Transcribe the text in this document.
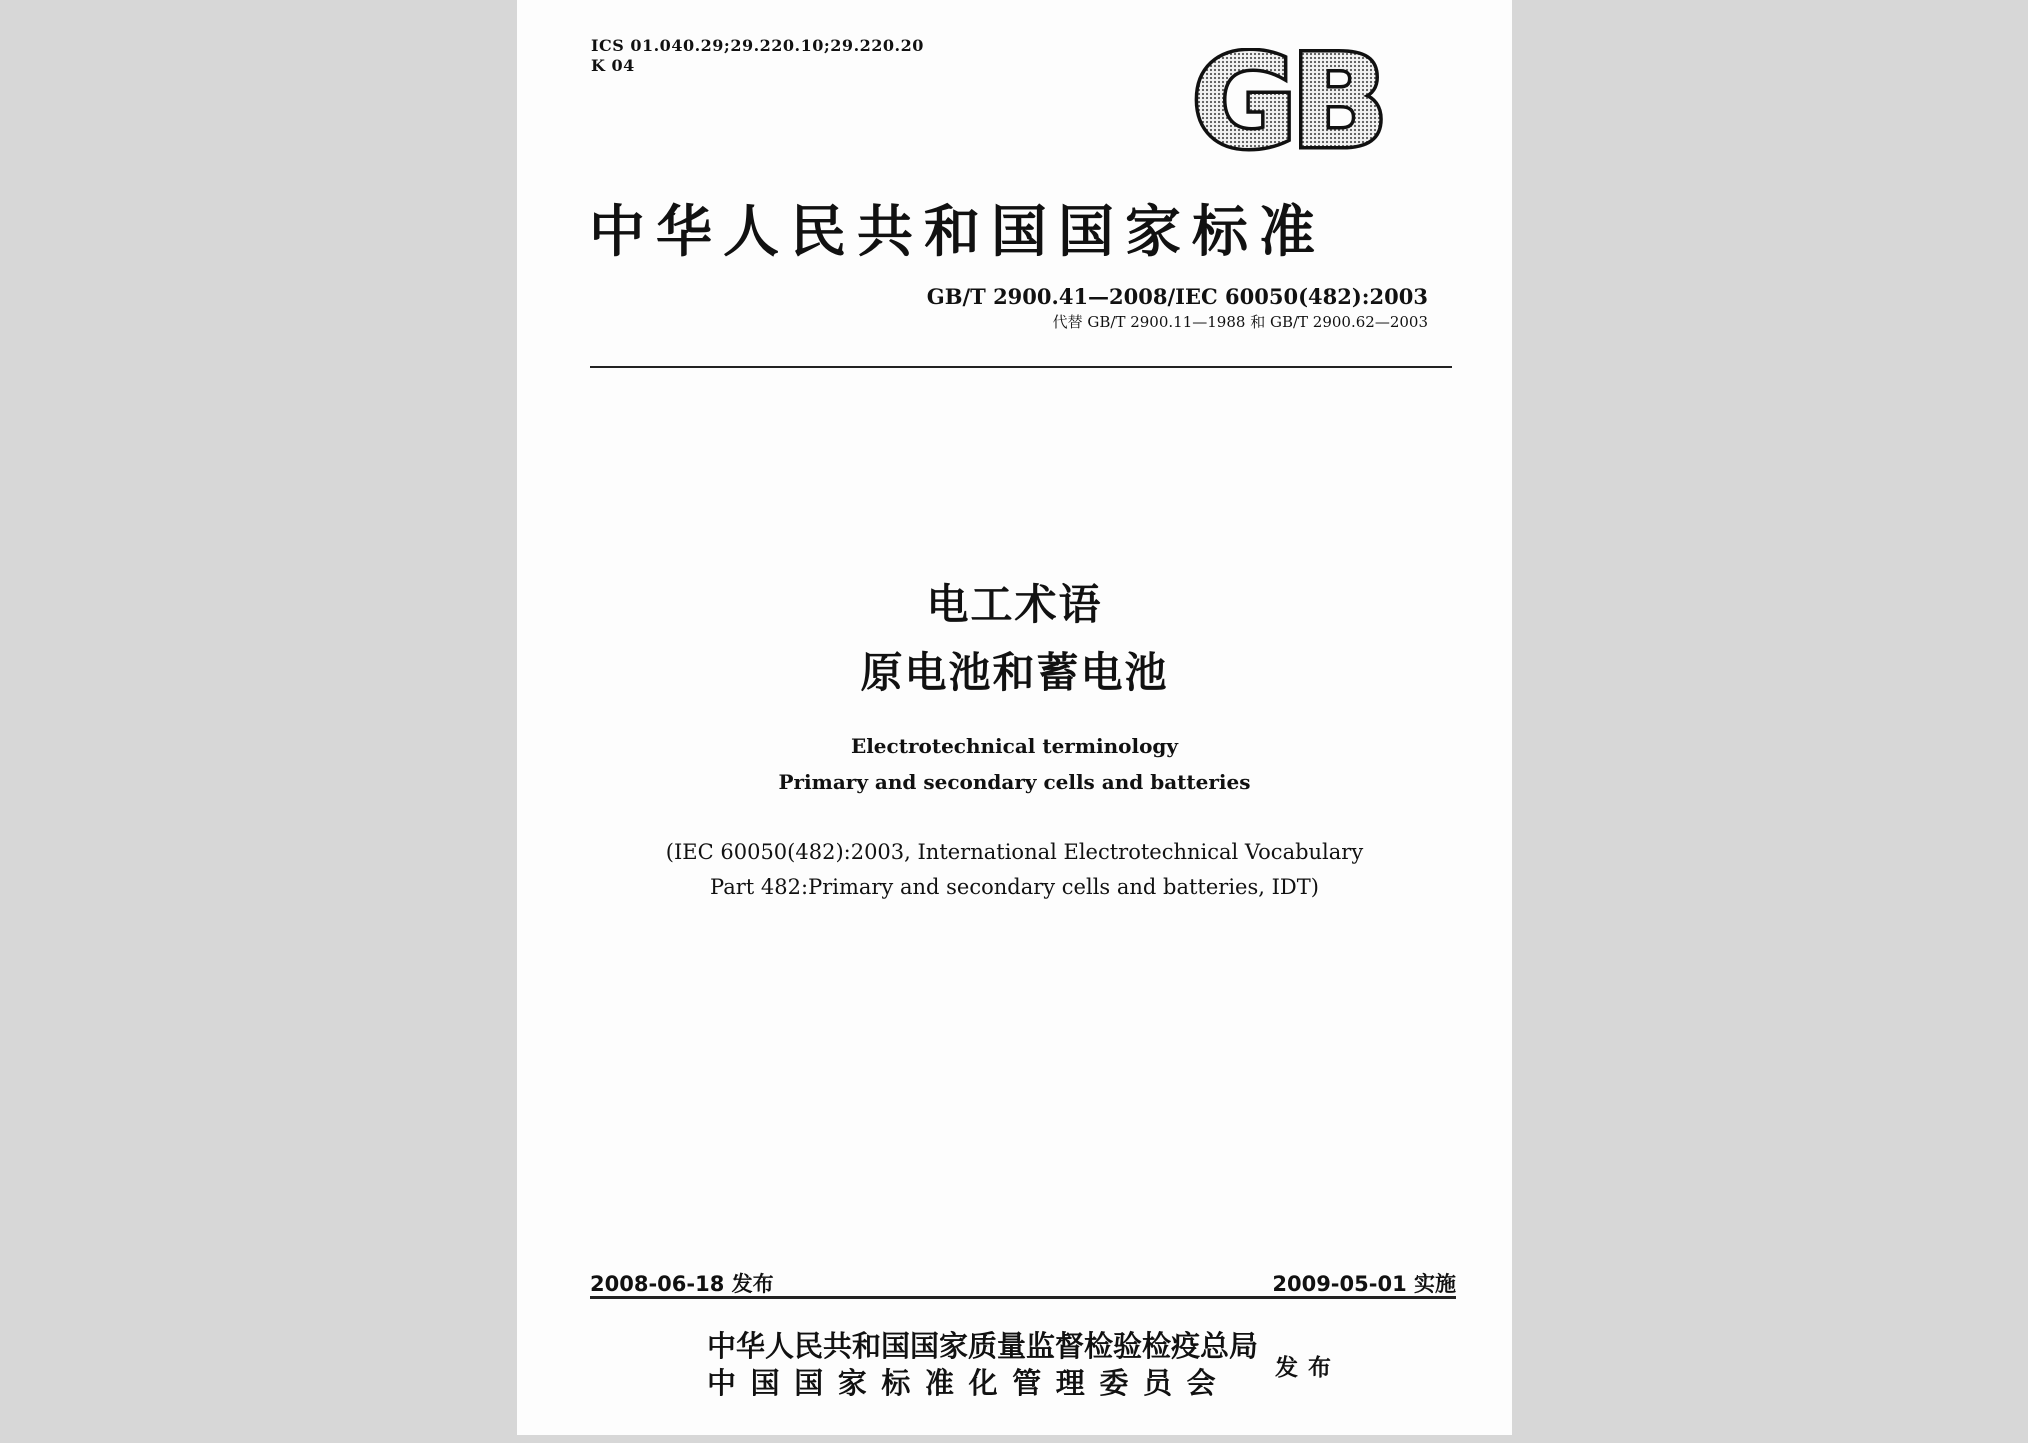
ICS 01.040.29;29.220.10;29.220.20
K 04	GB
中华人民共和国国家标准
GB/T 2900.41—2008/IEC 60050(482):2003
代替 GB/T 2900.11—1988 和 GB/T 2900.62—2003
电工术语
原电池和蓄电池
Electrotechnical terminology
Primary and secondary cells and batteries
(IEC 60050(482):2003, International Electrotechnical Vocabulary
Part 482:Primary and secondary cells and batteries, IDT)
2008-06-18 发布	2009-05-01 实施
中华人民共和国国家质量监督检验检疫总局
中国国家标准化管理委员会	发布
